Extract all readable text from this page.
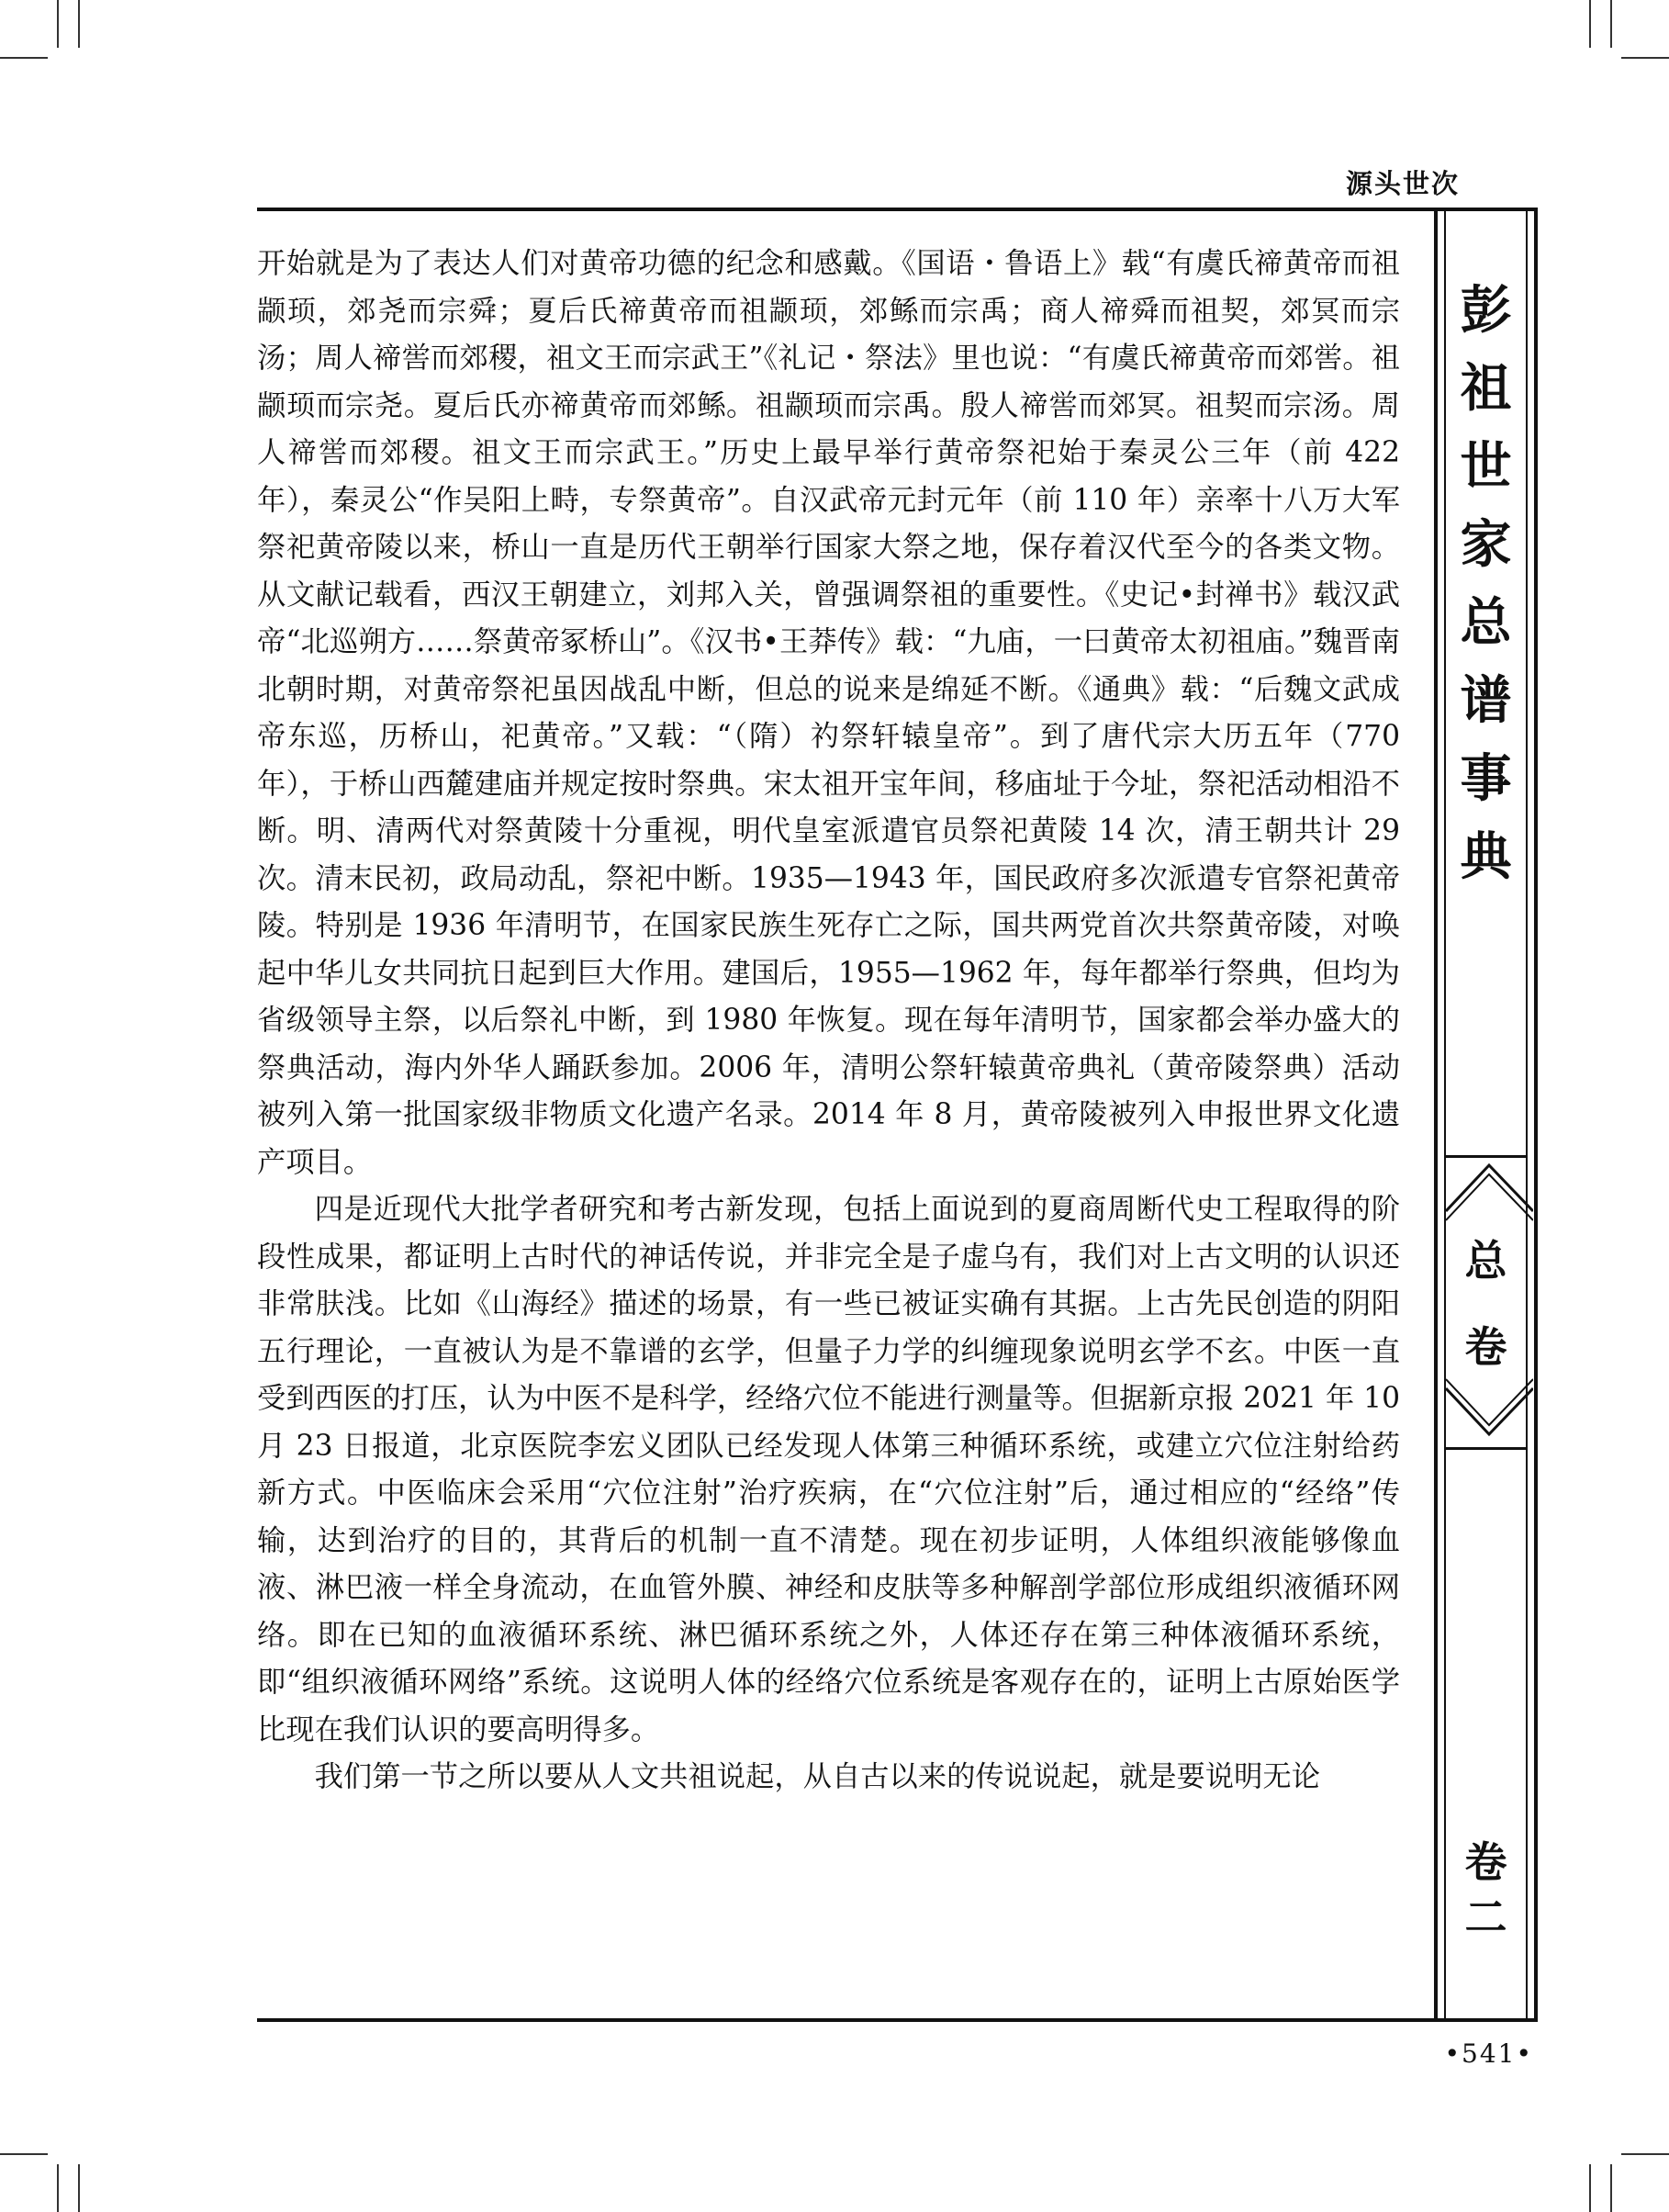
源头世次

开始就是为了表达人们对黄帝功德的纪念和感戴。《国语・鲁语上》载“有虞氏禘黄帝而祖颛顼，郊尧而宗舜；夏后氏禘黄帝而祖颛顼，郊鲧而宗禹；商人禘舜而祖契，郊冥而宗汤；周人禘喾而郊稷，祖文王而宗武王”《礼记・祭法》里也说：“有虞氏禘黄帝而郊喾。祖颛顼而宗尧。夏后氏亦禘黄帝而郊鲧。祖颛顼而宗禹。殷人禘喾而郊冥。祖契而宗汤。周人禘喾而郊稷。祖文王而宗武王。”历史上最早举行黄帝祭祀始于秦灵公三年（前 422 年），秦灵公“作吴阳上畤，专祭黄帝”。自汉武帝元封元年（前 110 年）亲率十八万大军祭祀黄帝陵以来，桥山一直是历代王朝举行国家大祭之地，保存着汉代至今的各类文物。从文献记载看，西汉王朝建立，刘邦入关，曾强调祭祖的重要性。《史记•封禅书》载汉武帝“北巡朔方……祭黄帝冢桥山”。《汉书•王莽传》载：“九庙，一曰黄帝太初祖庙。”魏晋南北朝时期，对黄帝祭祀虽因战乱中断，但总的说来是绵延不断。《通典》载：“后魏文武成帝东巡，历桥山，祀黄帝。”又载：“（隋）礿祭轩辕皇帝”。到了唐代宗大历五年（770 年），于桥山西麓建庙并规定按时祭典。宋太祖开宝年间，移庙址于今址，祭祀活动相沿不断。明、清两代对祭黄陵十分重视，明代皇室派遣官员祭祀黄陵 14 次，清王朝共计 29 次。清末民初，政局动乱，祭祀中断。1935—1943 年，国民政府多次派遣专官祭祀黄帝陵。特别是 1936 年清明节，在国家民族生死存亡之际，国共两党首次共祭黄帝陵，对唤起中华儿女共同抗日起到巨大作用。建国后，1955—1962 年，每年都举行祭典，但均为省级领导主祭，以后祭礼中断，到 1980 年恢复。现在每年清明节，国家都会举办盛大的祭典活动，海内外华人踊跃参加。2006 年，清明公祭轩辕黄帝典礼（黄帝陵祭典）活动被列入第一批国家级非物质文化遗产名录。2014 年 8 月，黄帝陵被列入申报世界文化遗产项目。

四是近现代大批学者研究和考古新发现，包括上面说到的夏商周断代史工程取得的阶段性成果，都证明上古时代的神话传说，并非完全是子虚乌有，我们对上古文明的认识还非常肤浅。比如《山海经》描述的场景，有一些已被证实确有其据。上古先民创造的阴阳五行理论，一直被认为是不靠谱的玄学，但量子力学的纠缠现象说明玄学不玄。中医一直受到西医的打压，认为中医不是科学，经络穴位不能进行测量等。但据新京报 2021 年 10 月 23 日报道，北京医院李宏义团队已经发现人体第三种循环系统，或建立穴位注射给药新方式。中医临床会采用“穴位注射”治疗疾病，在“穴位注射”后，通过相应的“经络”传输，达到治疗的目的，其背后的机制一直不清楚。现在初步证明，人体组织液能够像血液、淋巴液一样全身流动，在血管外膜、神经和皮肤等多种解剖学部位形成组织液循环网络。即在已知的血液循环系统、淋巴循环系统之外，人体还存在第三种体液循环系统，即“组织液循环网络”系统。这说明人体的经络穴位系统是客观存在的，证明上古原始医学比现在我们认识的要高明得多。

我们第一节之所以要从人文共祖说起，从自古以来的传说说起，就是要说明无论

彭
祖
世
家
总
谱
事
典
总
卷
卷
二
•541•
